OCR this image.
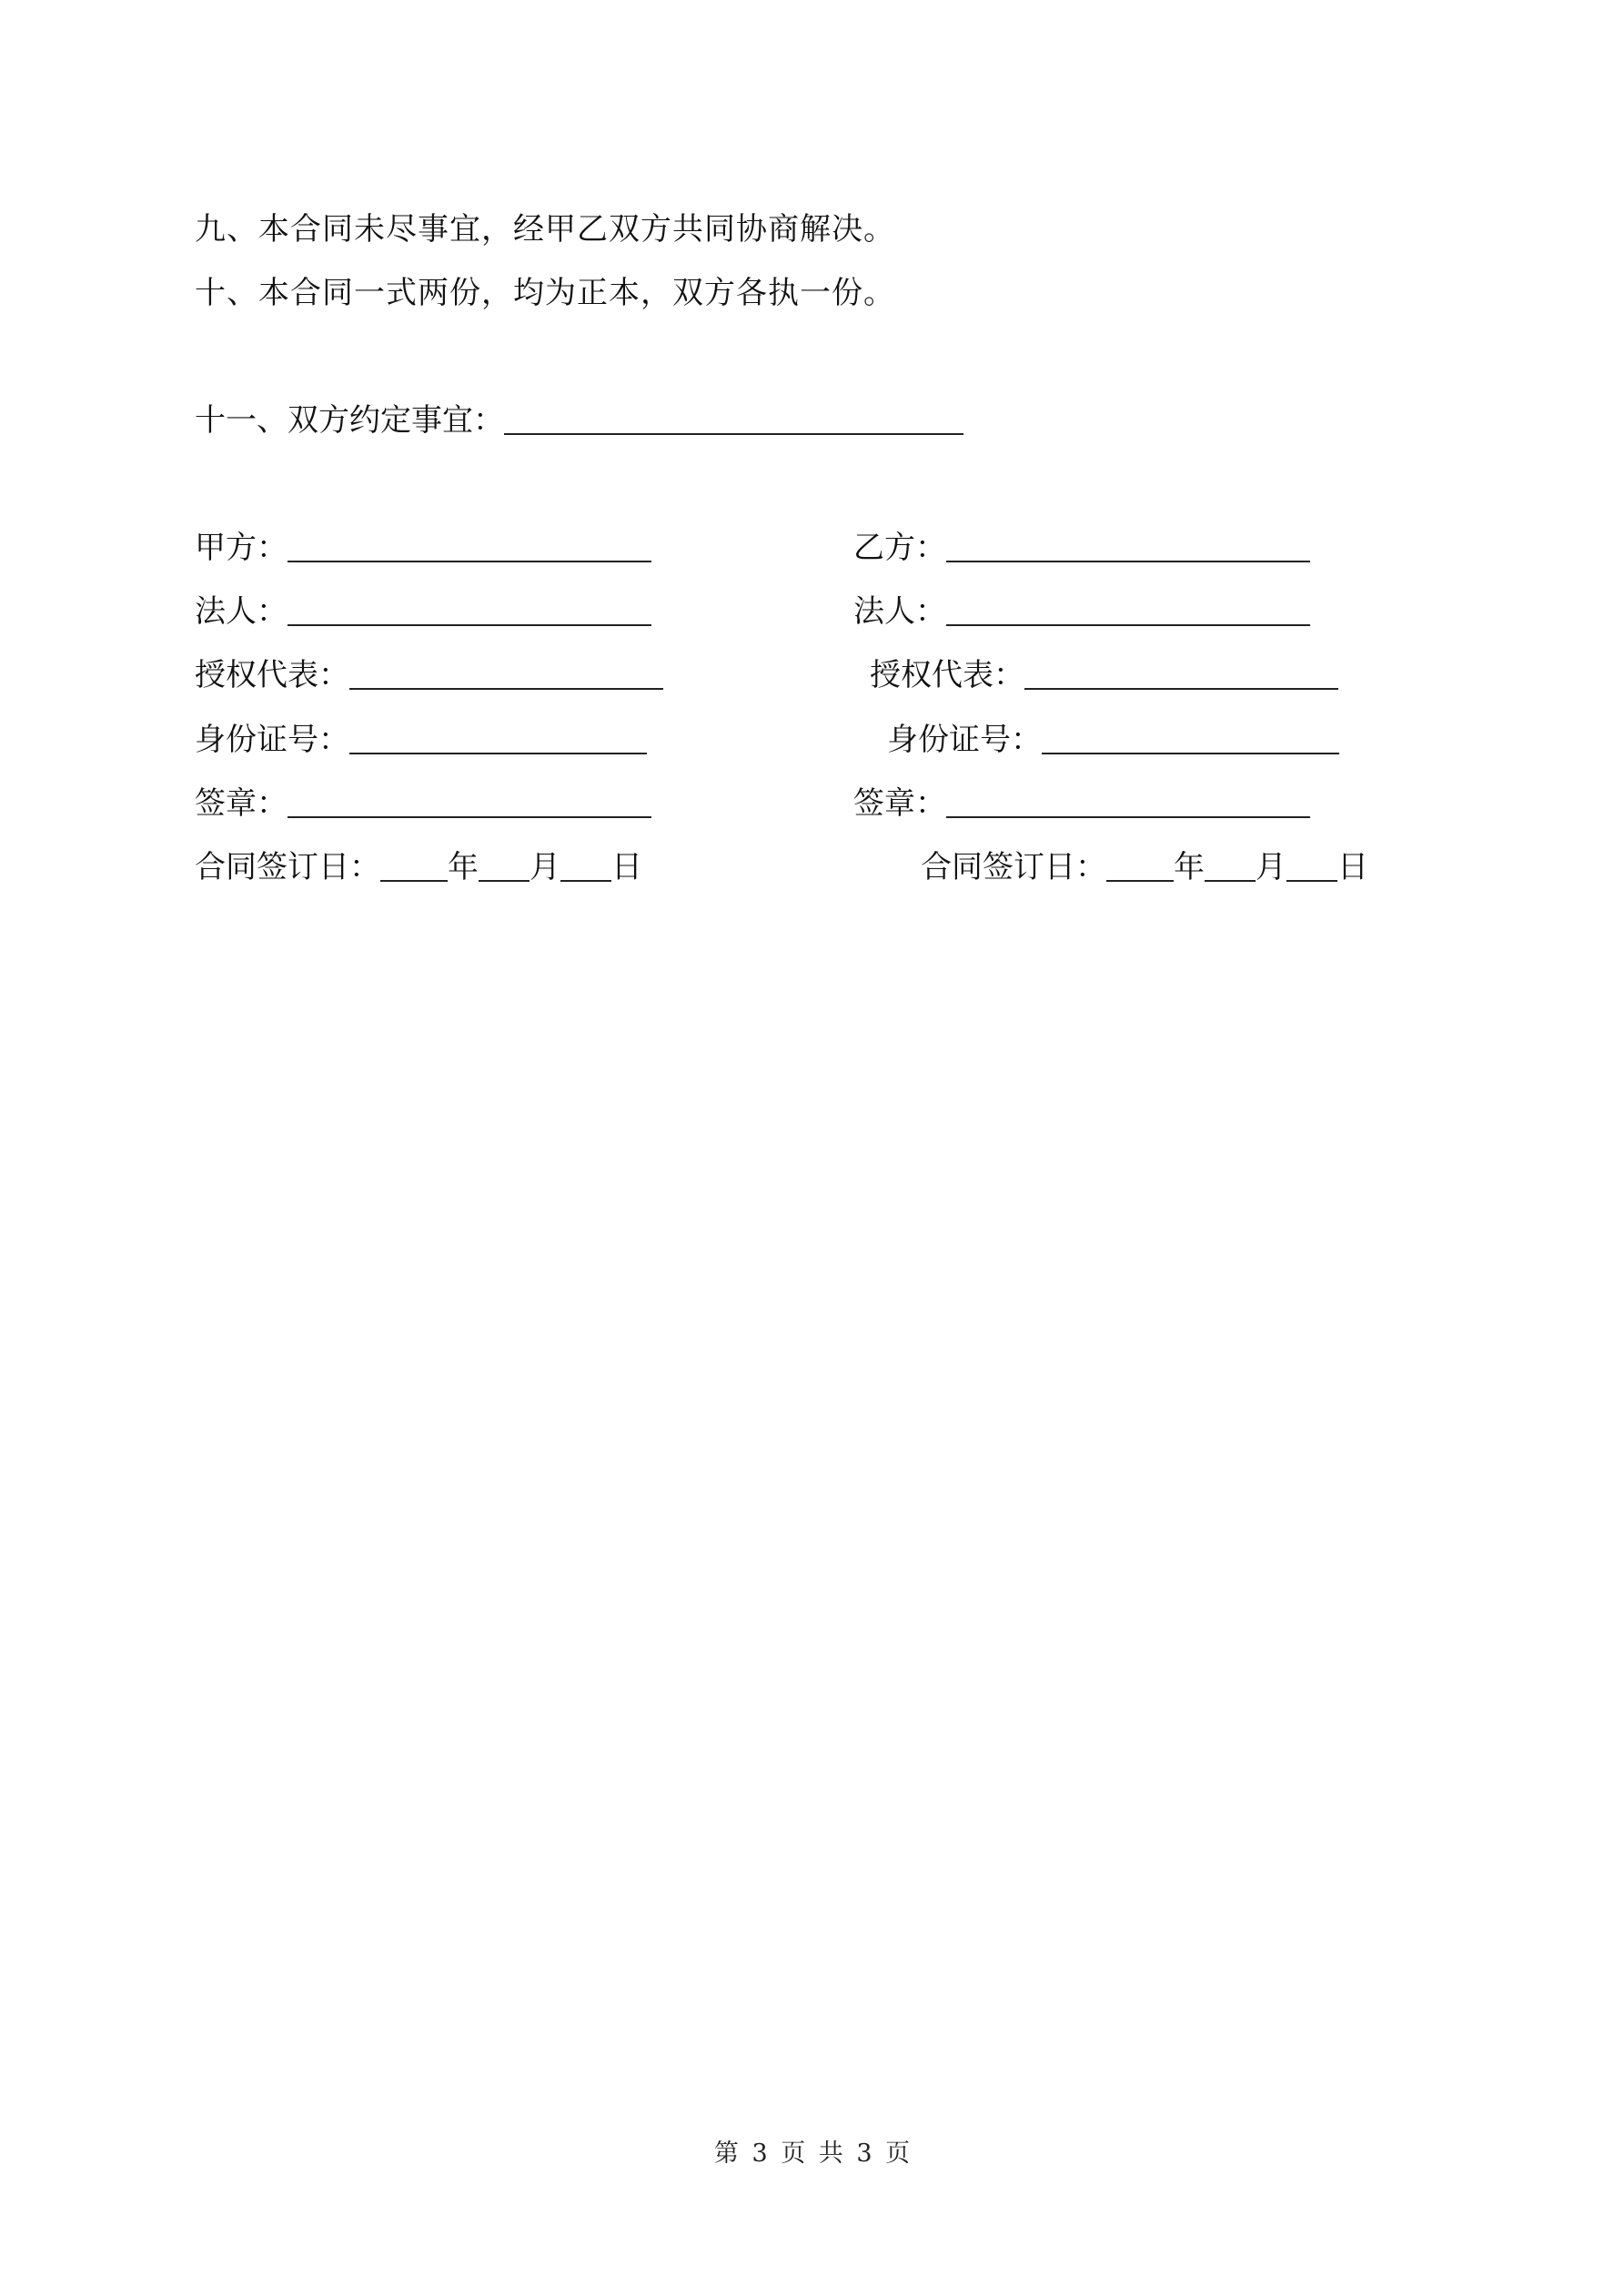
九、本合同未尽事宜，经甲乙双方共同协商解决。
十、本合同一式两份，均为正本，双方各执一份。
十一、双方约定事宜：
甲方：
法人：
授权代表：
身份证号：
签章：
合同签订日： 年 月 日
乙方：
法人：
授权代表：
身份证号：
签章：
合同签订日： 年 月 日
第 3 页 共 3 页
